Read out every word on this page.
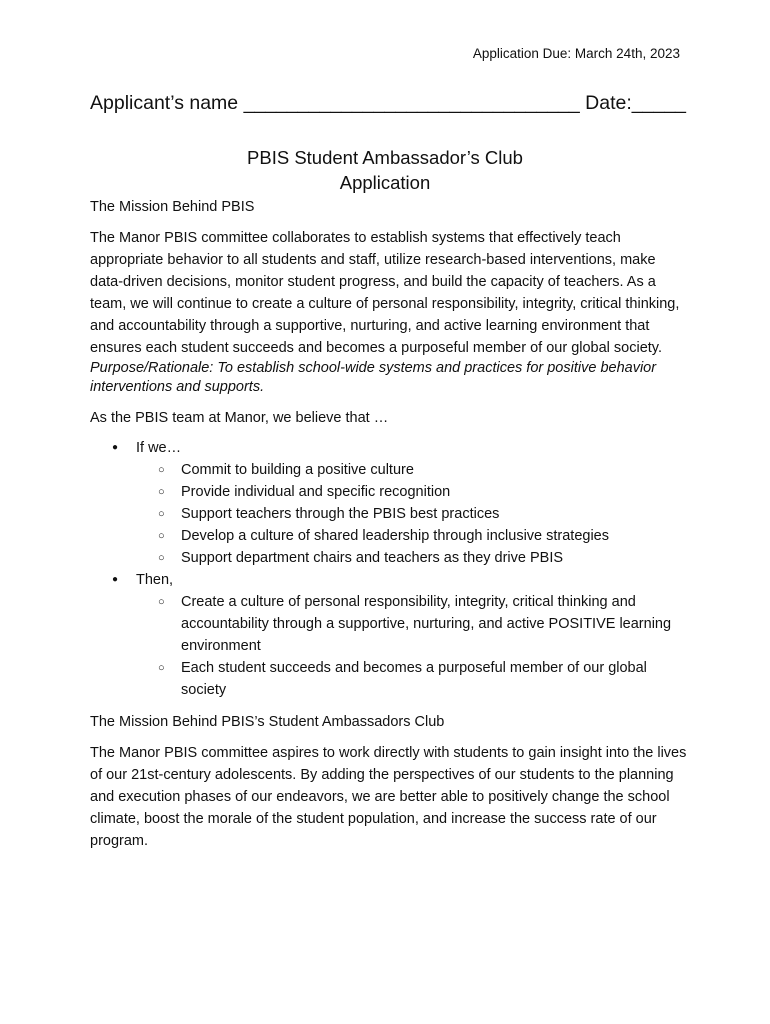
Application Due: March 24th, 2023
Applicant’s name _______________________________ Date:_____
PBIS Student Ambassador’s Club
Application

The Mission Behind PBIS

The Manor PBIS committee collaborates to establish systems that effectively teach appropriate behavior to all students and staff, utilize research-based interventions, make data-driven decisions, monitor student progress, and build the capacity of teachers. As a team, we will continue to create a culture of personal responsibility, integrity, critical thinking, and accountability through a supportive, nurturing, and active learning environment that ensures each student succeeds and becomes a purposeful member of our global society.

Purpose/Rationale: To establish school-wide systems and practices for positive behavior interventions and supports.

As the PBIS team at Manor, we believe that …

● If we…
○ Commit to building a positive culture
○ Provide individual and specific recognition
○ Support teachers through the PBIS best practices
○ Develop a culture of shared leadership through inclusive strategies
○ Support department chairs and teachers as they drive PBIS
● Then,
○ Create a culture of personal responsibility, integrity, critical thinking and accountability through a supportive, nurturing, and active POSITIVE learning environment
○ Each student succeeds and becomes a purposeful member of our global society

The Mission Behind PBIS’s Student Ambassadors Club

The Manor PBIS committee aspires to work directly with students to gain insight into the lives of our 21st-century adolescents. By adding the perspectives of our students to the planning and execution phases of our endeavors, we are better able to positively change the school climate, boost the morale of the student population, and increase the success rate of our program.
